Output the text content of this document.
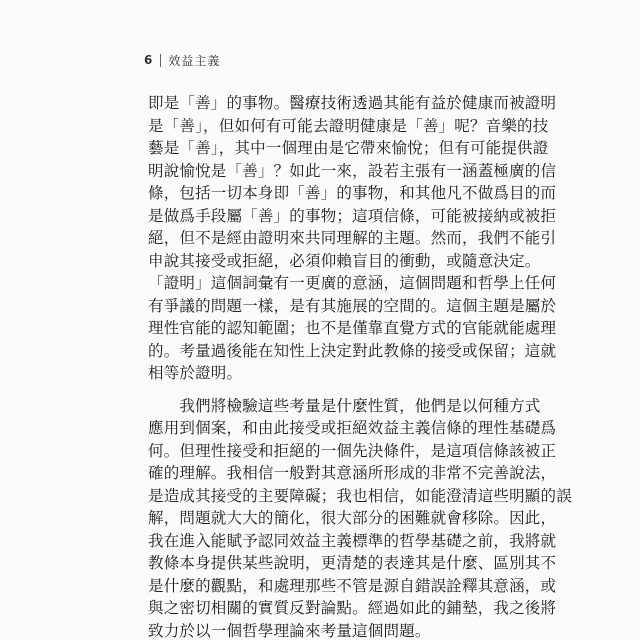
6 效益主義
即是「善」的事物。醫療技術透過其能有益於健康而被證明
是「善」，但如何有可能去證明健康是「善」呢？音樂的技
藝是「善」，其中一個理由是它帶來愉悅；但有可能提供證
明說愉悅是「善」？如此一來，設若主張有一涵蓋極廣的信
條，包括一切本身即「善」的事物，和其他凡不做爲目的而
是做爲手段屬「善」的事物；這項信條，可能被接納或被拒
絕，但不是經由證明來共同理解的主題。然而，我們不能引
申說其接受或拒絕，必須仰賴盲目的衝動，或隨意決定。
「證明」這個詞彙有一更廣的意涵，這個問題和哲學上任何
有爭議的問題一樣，是有其施展的空間的。這個主題是屬於
理性官能的認知範圍；也不是僅靠直覺方式的官能就能處理
的。考量過後能在知性上決定對此教條的接受或保留；這就
相等於證明。
　　我們將檢驗這些考量是什麼性質，他們是以何種方式
應用到個案，和由此接受或拒絕效益主義信條的理性基礎爲
何。但理性接受和拒絕的一個先決條件，是這項信條該被正
確的理解。我相信一般對其意涵所形成的非常不完善說法，
是造成其接受的主要障礙；我也相信，如能澄清這些明顯的誤
解，問題就大大的簡化，很大部分的困難就會移除。因此，
我在進入能賦予認同效益主義標準的哲學基礎之前，我將就
教條本身提供某些說明，更清楚的表達其是什麼、區別其不
是什麼的觀點，和處理那些不管是源自錯誤詮釋其意涵，或
與之密切相關的實質反對論點。經過如此的鋪墊，我之後將
致力於以一個哲學理論來考量這個問題。
